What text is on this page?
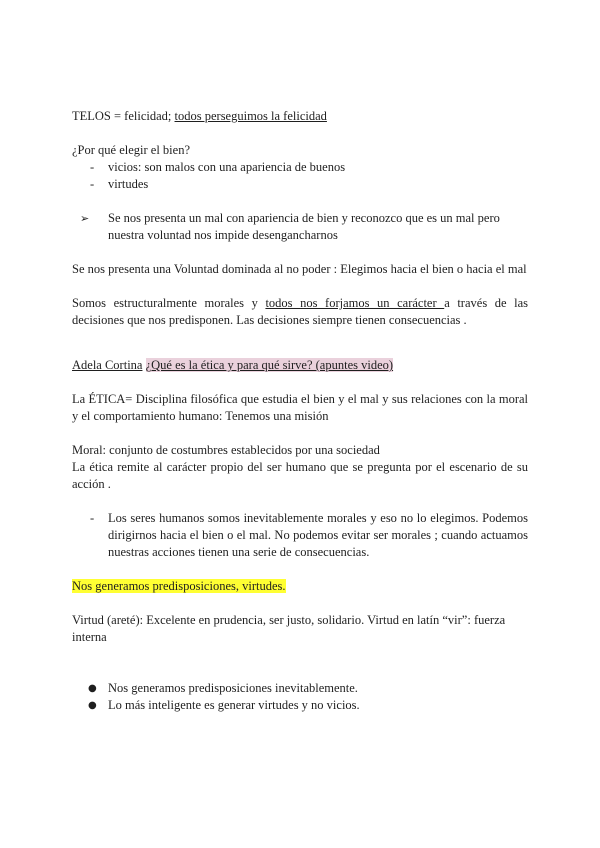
TELOS = felicidad; todos perseguimos la felicidad

¿Por qué elegir el bien?

- vicios: son malos con una apariencia de buenos
- virtudes
➢ Se nos presenta un mal con apariencia de bien y reconozco que es un mal pero nuestra voluntad nos impide desengancharnos

Se nos presenta una Voluntad dominada al no poder : Elegimos hacia el bien o hacia el mal

Somos estructuralmente morales y todos nos forjamos un carácter a través de las decisiones que nos predisponen. Las decisiones siempre tienen consecuencias .

Adela Cortina ¿Qué es la ética y para qué sirve? (apuntes video)

La ÉTICA= Disciplina filosófica que estudia el bien y el mal y sus relaciones con la moral y el comportamiento humano: Tenemos una misión

Moral: conjunto de costumbres establecidos por una sociedad

La ética remite al carácter propio del ser humano que se pregunta por el escenario de su acción .

- Los seres humanos somos inevitablemente morales y eso no lo elegimos. Podemos dirigirnos hacia el bien o el mal. No podemos evitar ser morales ; cuando actuamos nuestras acciones tienen una serie de consecuencias.

Nos generamos predisposiciones, virtudes.

Virtud (areté): Excelente en prudencia, ser justo, solidario. Virtud en latín “vir”: fuerza interna

● Nos generamos predisposiciones inevitablemente.
● Lo más inteligente es generar virtudes y no vicios.
